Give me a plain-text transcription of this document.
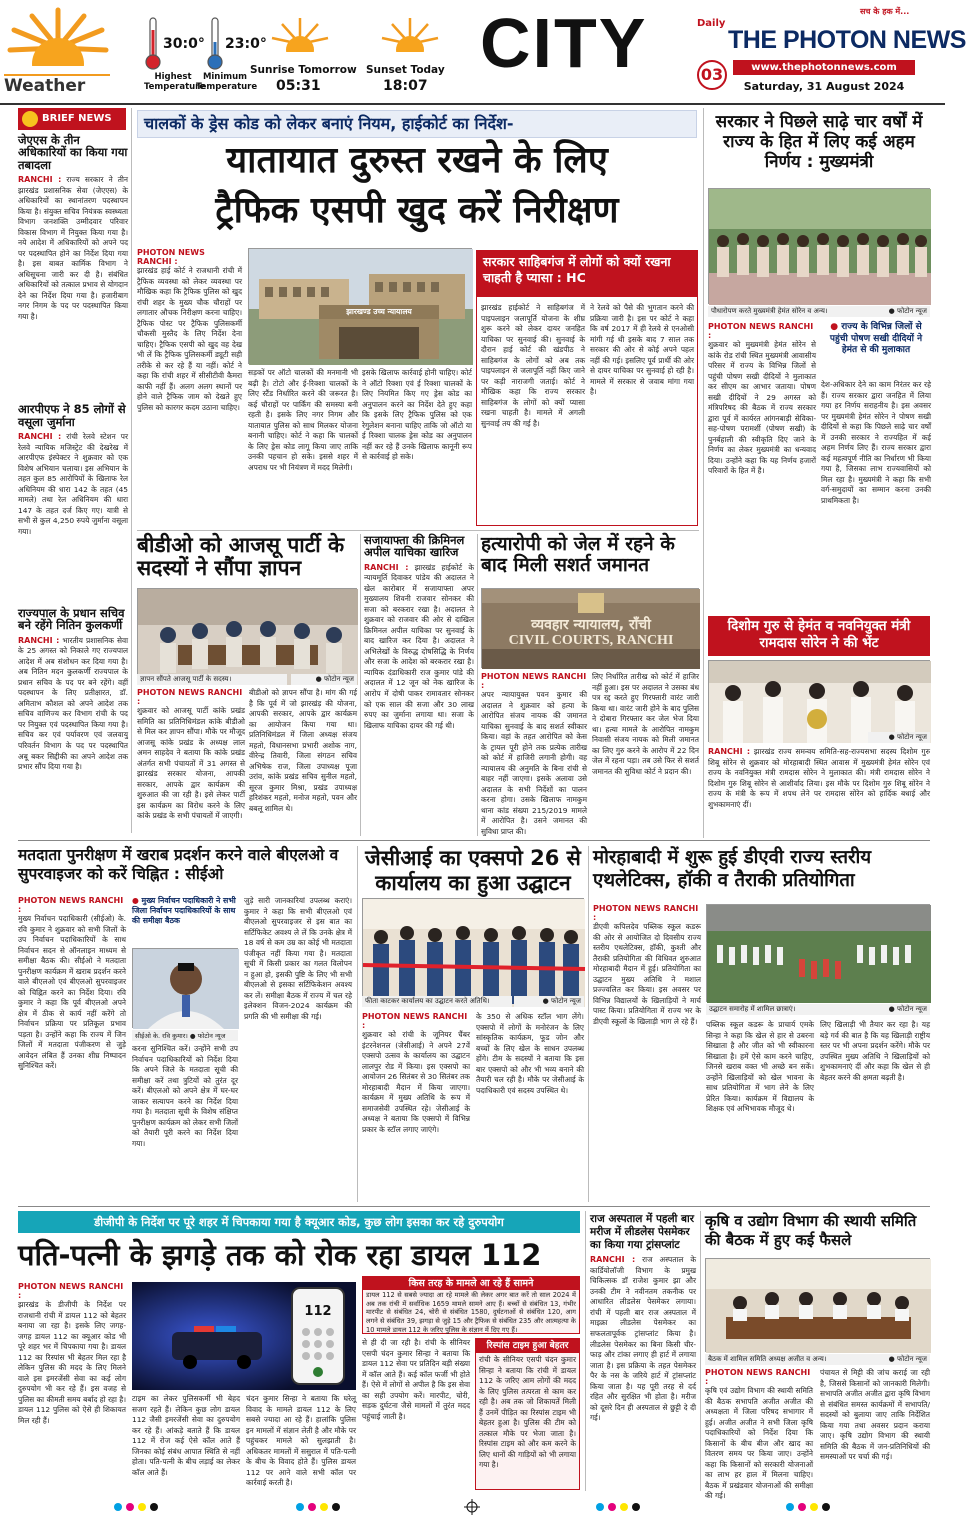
Weather
30:0°
Highest Temperature
23:0°
Minimum Temperature
Sunrise Tomorrow
05:31
Sunset Today
18:07
CITY	सच के हक में...
Daily
THE PHOTON NEWS
03	www.thephotonnews.com
Saturday, 31 August 2024
BRIEF NEWS
जेएएस के तीन अधिकारियों का किया गया तबादला
RANCHI : राज्य सरकार ने तीन झारखंड प्रशासनिक सेवा (जेएएस) के अधिकारियों का स्थानांतरण पदस्थापन किया है। संयुक्त सचिव नियंत्रक स्वस्थ्यता विभाग जनशक्ति उम्मीदवार परिवार विकास विभाग में नियुक्त किया गया है। नये आदेश में अधिकारियों को अपने पद पर पदस्थापित होने का निर्देश दिया गया है। इस बाबत कार्मिक विभाग ने अधिसूचना जारी कर दी है। संबंधित अधिकारियों को तत्काल प्रभाव से योगदान देने का निर्देश दिया गया है। हजारीबाग नगर निगम के पद पर पदस्थापित किया गया है।
आरपीएफ ने 85 लोगों से वसूला जुर्माना
RANCHI : रांची रेलवे स्टेशन पर रेलवे न्यायिक मजिस्ट्रेट की देखरेख में आरपीएफ इंस्पेक्टर ने शुक्रवार को एक विशेष अभियान चलाया। इस अभियान के तहत कुल 85 आरोपियों के खिलाफ रेल अधिनियम की धारा 142 के तहत (45 मामले) तथा रेल अधिनियम की धारा 147 के तहत दर्ज किए गए। यात्री से सभी से कुल 4,250 रुपये जुर्माना वसूला गया।
राज्यपाल के प्रधान सचिव बने रहेंगे नितिन कुलकर्णी
RANCHI : भारतीय प्रशासनिक सेवा के 25 अगस्त को निकाले गए राज्यपाल आदेश में अब संशोधन कर दिया गया है। अब नितिन मदन कुलकर्णी राज्यपाल के प्रधान सचिव के पद पर बने रहेंगे। वहीं पदस्थापन के लिए प्रतीक्षारत, डॉ. अमिताभ कौशल को अपने आदेश तक सचिव वाणिज्य कर विभाग रांची के पद पर नियुक्त एवं पदस्थापित किया गया है। सचिव कर एवं पर्यावरण एवं जलवायु परिवर्तन विभाग के पद पर पदस्थापित अबू बकर सिद्दीकी का अपने आदेश तक प्रभार सौंप दिया गया है।
चालकों के ड्रेस कोड को लेकर बनाएं नियम, हाईकोर्ट का निर्देश-
यातायात दुरुस्त रखने के लिए
ट्रैफिक एसपी खुद करें निरीक्षण
PHOTON NEWS RANCHI :
झारखंड हाई कोर्ट ने राजधानी रांची में ट्रैफिक व्यवस्था को लेकर व्यवस्था पर मौखिक कहा कि ट्रैफिक पुलिस को खुद रांची शहर के मुख्य चौक चौराहों पर लगातार औचक निरीक्षण करना चाहिए। ट्रैफिक पोस्ट पर ट्रैफिक पुलिसकर्मी चौकसी मुस्तैद के लिए निर्देश देना चाहिए। ट्रैफिक एसपी को खुद वह देख भी लें कि ट्रैफिक पुलिसकर्मी ड्यूटी सही तरीके से कर रहे हैं या नहीं। कोर्ट ने कहा कि रांची शहर में सीसीटीवी कैमरा काफी नहीं हैं। अलग अलग स्थानों पर होने वाले ट्रैफिक जाम को देखते हुए पुलिस को कारगर कदम उठाना चाहिए।
झारखण्ड उच्च न्यायालय
सड़कों पर ऑटो चालकों की मनमानी भी बढ़ी है। टोटो और ई-रिक्शा चालकों के लिए स्टैंड निर्धारित करने की जरूरत है। कई चौराहों पर पार्किंग की समस्या बनी रहती है। इसके लिए नगर निगम और यातायात पुलिस को साथ मिलकर योजना बनानी चाहिए। कोर्ट ने कहा कि चालकों के लिए ड्रेस कोड लागू किया जाए ताकि उनकी पहचान हो सके। इससे शहर में अपराध पर भी नियंत्रण में मदद मिलेगी।
इसके खिलाफ कार्रवाई होनी चाहिए। कोर्ट ने ऑटो रिक्शा एवं ई रिक्शा चालकों के लिए नियमित किए गए ड्रेस कोड का अनुपालन करने का निर्देश देते हुए कहा कि इसके लिए ट्रैफिक पुलिस को एक रेगुलेशन बनाना चाहिए ताकि जो ऑटो या ई रिक्शा चालक ड्रेस कोड का अनुपालन नहीं कर रहे हैं उनके खिलाफ कानूनी रूप से कार्रवाई हो सके।
सरकार साहिबगंज में लोगों को क्यों रखना चाहती है प्यासा : HC
झारखंड हाईकोर्ट ने साहिबगंज में पाइपलाइन जलापूर्ति योजना के शीघ्र शुरू करने को लेकर दायर जनहित याचिका पर सुनवाई की। सुनवाई के दौरान हाई कोर्ट की खंडपीठ ने साहिबगंज के लोगों को अब तक पाइपलाइन से जलापूर्ति नहीं किए जाने पर कड़ी नाराजगी जताई। कोर्ट ने मौखिक कहा कि राज्य सरकार साहिबगंज के लोगों को क्यों प्यासा रखना चाहती है। मामले में अगली सुनवाई तय की गई है।
ने रेलवे को पैसे की भुगतान करने की प्रक्रिया जारी है। इस पर कोर्ट ने कहा कि वर्ष 2017 में ही रेलवे से एनओसी मांगी गई थी इसके बाद 7 साल तक सरकार की ओर से कोई अपने पहल नहीं की गई। इसलिए पूर्व प्रार्थी की ओर से दायर याचिका पर सुनवाई हो रही है। मामले में सरकार से जवाब मांगा गया है।
बीडीओ को आजसू पार्टी के सदस्यों ने सौंपा ज्ञापन
ज्ञापन सौंपते आजसू पार्टी के सदस्य।	● फोटोन न्यूज
PHOTON NEWS RANCHI :
शुक्रवार को आजसू पार्टी कांके प्रखंड समिति का प्रतिनिधिमंडल कांके बीडीओ से मिल कर ज्ञापन सौंपा। मौके पर मौजूद आजसू कांके प्रखंड के अध्यक्ष लाल अमन साहदेव ने बताया कि कांके प्रखंड अंतर्गत सभी पंचायतों में 31 अगस्त से झारखंड सरकार योजना, आपकी सरकार, आपके द्वार कार्यक्रम की शुरुआत की जा रही है। इसे लेकर पार्टी इस कार्यक्रम का विरोध करने के लिए कांके प्रखंड के सभी पंचायतों में जाएगी।
बीडीओ को ज्ञापन सौंपा है। मांग की गई है कि पूर्व में जो झारखंड़ की योजना, आपकी सरकार, आपके द्वार कार्यक्रम का आयोजन किया गया था। प्रतिनिधिमंडल में जिला अध्यक्ष संजय महतो, विधानसभा प्रभारी अशोक नाग, वीरेन्द्र तिवारी, जिला संगठन सचिव अभिषेक राज, जिला उपाध्यक्ष पूजा उरांव, कांके प्रखंड सचिव सुनील महतो, सूरज कुमार मिश्रा, प्रखंड उपाध्यक्ष हरिशंकर महतो, मनोज महतो, पवन और बबलू शामिल थे।
सजायाफ्ता की क्रिमिनल अपील याचिका खारिज
RANCHI : झारखंड हाईकोर्ट के न्यायमूर्ति दिवाकर पांडेय की अदालत ने खेल कारोबार में सजायाफ्ता अपर मुख्यालय शिवनी राजवार सोनकर की सजा को बरकरार रखा है। अदालत ने शुक्रवार को राजवार की ओर से दाखिल क्रिमिनल अपील याचिका पर सुनवाई के बाद खारिज कर दिया है। अदालत ने अभिलेखों के विरुद्ध दोषसिद्धि के निर्णय और सजा के आदेश को बरकरार रखा है। न्यायिक दंडाधिकारी राज कुमार पांडे की अदालत में 12 जून को नेक खारिज के आरोप में दोषी पाकर रामावतार सोनकर को एक साल की सजा और 30 लाख रुपए का जुर्माना लगाया था। सजा के खिलाफ याचिका दायर की गई थी।
हत्यारोपी को जेल में रहने के बाद मिली सशर्त जमानत
व्यवहार न्यायालय, राँची
CIVIL COURTS, RANCHI
PHOTON NEWS RANCHI :
अपर न्यायायुक्त पवन कुमार की अदालत ने शुक्रवार को हत्या के आरोपित संजय नायक की जमानत याचिका सुनवाई के बाद सशर्त स्वीकार किया। वहां के तहत आरोपित को केस के ट्रायल पूरी होने तक प्रत्येक तारीख को कोर्ट में हाजिरी लगानी होगी। वह न्यायालय की अनुमति के बिना रांची से बाहर नहीं जाएगा। इसके अलावा उसे अदालत के सभी निर्देशों का पालन करना होगा। उसके खिलाफ नामकुम थाना कांड संख्या 215/2019 मामले में आरोपित है। उसने जमानत की सुविधा प्राप्त की।
लिए निर्धारित तारीख को कोर्ट में हाजिर नहीं हुआ। इस पर अदालत ने उसका बंध पत्र रद्द करते हुए गिरफ्तारी वारंट जारी किया था। वारंट जारी होने के बाद पुलिस ने दोबारा गिरफ्तार कर जेल भेज दिया था। हत्या मामले के आरोपित नामकुम निवासी संजय नायक को मिली जमानत का लिए गुरु करने के आरोप में 22 दिन जेल में रहना पड़ा। तब उसे फिर से सशर्त जमानत की सुविधा कोर्ट ने प्रदान की।
सरकार ने पिछले साढ़े चार वर्षों में राज्य के हित में लिए कई अहम निर्णय : मुख्यमंत्री
पौधारोपण करते मुख्यमंत्री हेमंत सोरेन व अन्य।	● फोटोन न्यूज
PHOTON NEWS RANCHI :
शुक्रवार को मुख्यमंत्री हेमंत सोरेन से कांके रोड रांची स्थित मुख्यमंत्री आवासीय परिसर में राज्य के विभिन्न जिलों से पहुंची पोषण सखी दीदियों ने मुलाकात कर सीएम का आभार जताया। पोषण सखी दीदियों ने 29 अगस्त को मंत्रिपरिषद की बैठक में राज्य सरकार द्वारा पूर्व में कार्यरत आंगनबाड़ी सेविका-सह-पोषण परामर्शी (पोषण सखी) के पुनर्बहाली की स्वीकृति दिए जाने के निर्णय का लेकर मुख्यमंत्री का धन्यवाद दिया। उन्होंने कहा कि यह निर्णय हजारों परिवारों के हित में है।
● राज्य के विभिन्न जिलों से पहुंची पोषण सखी दीदियों ने हेमंत से की मुलाकात
देश-अधिकार देने का काम निरंतर कर रहे हैं। राज्य सरकार द्वारा जनहित में लिया गया हर निर्णय सराहनीय है। इस अवसर पर मुख्यमंत्री हेमंत सोरेन ने पोषण सखी दीदियों से कहा कि पिछले साढ़े चार वर्षों में उनकी सरकार ने राज्यहित में कई अहम निर्णय लिए हैं। राज्य सरकार द्वारा कई महत्वपूर्ण नीति का निर्धारण भी किया गया है, जिसका लाभ राज्यवासियों को मिल रहा है। मुख्यमंत्री ने कहा कि सभी वर्ग-समुदायों का सम्मान करना उनकी प्राथमिकता है।
दिशोम गुरु से हेमंत व नवनियुक्त मंत्री रामदास सोरेन ने की भेंट
● फोटोन न्यूज
RANCHI : झारखंड राज्य समन्वय समिति-सह-राज्यसभा सदस्य दिशोम गुरु शिबू सोरेन से शुक्रवार को मोरहाबादी स्थित आवास में मुख्यमंत्री हेमंत सोरेन एवं राज्य के नवनियुक्त मंत्री रामदास सोरेन ने मुलाकात की। मंत्री रामदास सोरेन ने दिशोम गुरु शिबू सोरेन से आशीर्वाद लिया। इस मौके पर दिशोम गुरु शिबू सोरेन ने राज्य के मंत्री के रूप में शपथ लेने पर रामदास सोरेन को हार्दिक बधाई और शुभकामनाएं दीं।
मतदाता पुनरीक्षण में खराब प्रदर्शन करने वाले बीएलओ व सुपरवाइजर को करें चिह्नित : सीईओ
PHOTON NEWS RANCHI :
मुख्य निर्वाचन पदाधिकारी (सीईओ) के. रवि कुमार ने शुक्रवार को सभी जिलों के उप निर्वाचन पदाधिकारियों के साथ निर्वाचन सदन से ऑनलाइन माध्यम से समीक्षा बैठक की। सीईओ ने मतदाता पुनरीक्षण कार्यक्रम में खराब प्रदर्शन करने वाले बीएलओ एवं बीएलओ सुपरवाइजर को चिह्नित करने का निर्देश दिया। रवि कुमार ने कहा कि पूर्व बीएलओ अपने क्षेत्र में ठीक से कार्य नहीं करेंगे तो निर्वाचन प्रक्रिया पर प्रतिकूल प्रभाव पड़ता है। उन्होंने कहा कि राज्य में जिन जिलों में मतदाता पंजीकरण से जुड़े आवेदन लंबित हैं उनका शीघ्र निष्पादन सुनिश्चित करें।
● मुख्य निर्वाचन पदाधिकारी ने सभी जिला निर्वाचन पदाधिकारियों के साथ की समीक्षा बैठक
सीईओ के. रवि कुमार। ● फोटोन न्यूज
करना सुनिश्चित करें। उन्होंने सभी उप निर्वाचन पदाधिकारियों को निर्देश दिया कि अपने जिले के मतदाता सूची की समीक्षा करें तथा त्रुटियों को तुरंत दूर करें। बीएलओ को अपने क्षेत्र में घर-घर जाकर सत्यापन करने का निर्देश दिया गया है। मतदाता सूची के विशेष संक्षिप्त पुनरीक्षण कार्यक्रम को लेकर सभी जिलों को तैयारी पूरी करने का निर्देश दिया गया।
जुड़े सारी जानकारियां उपलब्ध कराएं। कुमार ने कहा कि सभी बीएलओ एवं बीएलओ सुपरवाइजर से इस बात का सर्टिफिकेट अवश्य ले लें कि उनके क्षेत्र में 18 वर्ष से कम उम्र का कोई भी मतदाता पंजीकृत नहीं किया गया है। मतदाता सूची में किसी प्रकार का गलत विलोपन न हुआ हो, इसकी पुष्टि के लिए भी सभी बीएलओ से इसका सर्टिफिकेशन अवश्य कर लें। समीक्षा बैठक में राज्य में चल रहे इलेक्शन विजन-2024 कार्यक्रम की प्रगति की भी समीक्षा की गई।
जेसीआई का एक्सपो 26 से कार्यालय का हुआ उद्घाटन
फीता काटकर कार्यालय का उद्घाटन करते अतिथि।	● फोटोन न्यूज
PHOTON NEWS RANCHI :
शुक्रवार को रांची के जूनियर चैंबर इंटरनेशनल (जेसीआई) ने अपने 27वें एक्सपो उत्सव के कार्यालय का उद्घाटन लालपुर रोड में किया। इस एक्सपो का आयोजन 26 सितंबर से 30 सितंबर तक मोरहाबादी मैदान में किया जाएगा। कार्यक्रम में मुख्य अतिथि के रूप में समाजसेवी उपस्थित रहे। जेसीआई के अध्यक्ष ने बताया कि एक्सपो में विभिन्न प्रकार के स्टॉल लगाए जाएंगे।
के 350 से अधिक स्टॉल भाग लेंगे। एक्सपो में लोगों के मनोरंजन के लिए सांस्कृतिक कार्यक्रम, फूड जोन और बच्चों के लिए खेल के साधन उपलब्ध होंगे। टीम के सदस्यों ने बताया कि इस बार एक्सपो को और भी भव्य बनाने की तैयारी चल रही है। मौके पर जेसीआई के पदाधिकारी एवं सदस्य उपस्थित थे।
मोरहाबादी में शुरू हुई डीएवी राज्य स्तरीय एथलेटिक्स, हॉकी व तैराकी प्रतियोगिता
PHOTON NEWS RANCHI :
डीएवी कपिलदेव पब्लिक स्कूल कडरू की ओर से आयोजित दो दिवसीय राज्य स्तरीय एथलेटिक्स, हॉकी, कुश्ती और तैराकी प्रतियोगिता की विधिवत शुरुआत मोरहाबादी मैदान में हुई। प्रतियोगिता का उद्घाटन मुख्य अतिथि ने मशाल प्रज्ज्वलित कर किया। इस अवसर पर विभिन्न विद्यालयों के खिलाड़ियों ने मार्च पास्ट किया। प्रतियोगिता में राज्य भर के डीएवी स्कूलों के खिलाड़ी भाग ले रहे हैं।
उद्घाटन समारोह में शामिल छात्राएं।	● फोटोन न्यूज
पब्लिक स्कूल कडरू के प्राचार्य एमके सिन्हा ने कहा कि खेल से हार से उबरना सिखाता है और जीत को भी स्वीकारना सिखाता है। हमें ऐसे काम करने चाहिए, जिनसे खराब वक्त भी अच्छे बन सकें। उन्होंने खिलाड़ियों को खेल भावना के साथ प्रतियोगिता में भाग लेने के लिए प्रेरित किया। कार्यक्रम में विद्यालय के शिक्षक एवं अभिभावक मौजूद थे।
लिए खिलाड़ी भी तैयार कर रहा है। यह बड़े गर्व की बात है कि यह खिलाड़ी राष्ट्रीय स्तर पर भी अपना प्रदर्शन करेंगे। मौके पर उपस्थित मुख्य अतिथि ने खिलाड़ियों को शुभकामनाएं दीं और कहा कि खेल से ही बेहतर करने की क्षमता बढ़ती है।
डीजीपी के निर्देश पर पूरे शहर में चिपकाया गया है क्यूआर कोड, कुछ लोग इसका कर रहे दुरुपयोग
पति-पत्नी के झगड़े तक को रोक रहा डायल 112
PHOTON NEWS RANCHI :
झारखंड के डीजीपी के निर्देश पर राजधानी रांची में डायल 112 को बेहतर बनाया जा रहा है। इसके लिए जगह-जगह डायल 112 का क्यूआर कोड भी पूरे शहर भर में चिपकाया गया है। डायल 112 का रिस्पांस भी बेहतर मिल रहा है लेकिन पुलिस की मदद के लिए मिलने वाले इस इमरजेंसी सेवा का कई लोग दुरुपयोग भी कर रहे हैं। इस वजह से पुलिस का कीमती समय बर्बाद हो रहा है। डायल 112 पुलिस को ऐसे ही शिकायत मिल रही हैं।
112
टाइम का लेकर पुलिसकर्मी भी बेहद सजग रहते हैं। लेकिन कुछ लोग डायल 112 जैसी इमरजेंसी सेवा का दुरुपयोग कर रहे हैं। आंकड़े बताते हैं कि डायल 112 में रोज कई ऐसे कॉल आते हैं जिनका कोई संबंध आपात स्थिति से नहीं होता। पति-पत्नी के बीच लड़ाई का लेकर कॉल आते हैं।
चंदन कुमार सिन्हा ने बताया कि घरेलू विवाद के मामले डायल 112 के लिए सबसे ज्यादा आ रहे हैं। हालांकि पुलिस इन मामलों में संज्ञान लेती है और मौके पर पहुंचकर मामले को सुलझाती है। अधिकतर मामलों में ससुराल में पति-पत्नी के बीच के विवाद होते हैं। पुलिस डायल 112 पर आने वाले सभी कॉल पर कार्रवाई करती है।
किस तरह के मामले आ रहे हैं सामने
डायल 112 से सबसे ज्यादा आ रहे मामले की लेकर अगर बात करें तो साल 2024 में अब तक रांची में सर्वाधिक 1659 मामले सामने आए हैं। बच्चों से संबंधित 13, गंभीर मारपीट से संबंधित 24, चोरी से संबंधित 1580, दुर्घटनाओं से संबंधित 120, आग लगने से संबंधित 39, झगड़ा से जुड़े 15 और ट्रैफिक से संबंधित 235 और आत्महत्या के 10 मामले डायल 112 के जरिए पुलिस के संज्ञान में दिए गए हैं।
से ही दी जा रही है। रांची के सीनियर एसपी चंदन कुमार सिन्हा ने बताया कि डायल 112 सेवा पर प्रतिदिन बड़ी संख्या में कॉल आते हैं। कई कॉल फर्जी भी होते हैं। ऐसे में लोगों से अपील है कि इस सेवा का सही उपयोग करें। मारपीट, चोरी, सड़क दुर्घटना जैसे मामलों में तुरंत मदद पहुंचाई जाती है।
रिस्पांस टाइम हुआ बेहतर
रांची के सीनियर एसपी चंदन कुमार सिन्हा ने बताया कि रांची में डायल 112 के जरिए आम लोगों की मदद के लिए पुलिस तत्परता से काम कर रही है। अब तक जो शिकायतें मिली हैं उनमें पीड़ित का रिस्पांस टाइम भी बेहतर हुआ है। पुलिस की टीम को तत्काल मौके पर भेजा जाता है। रिस्पांस टाइम को और कम करने के लिए थानों की गाड़ियों को भी लगाया गया है।
राज अस्पताल में पहली बार मरीज में लीडलेस पेसमेकर का किया गया ट्रांसप्लांट
RANCHI : राज अस्पताल के कार्डियोलॉजी विभाग के प्रमुख चिकित्सक डॉ राजेश कुमार झा और उनकी टीम ने नवीनतम तकनीक पर आधारित लीडलेस पेसमेकर लगाया। रांची में पहली बार राज अस्पताल में माइक्रा लीडलेस पेसमेकर का सफलतापूर्वक ट्रांसप्लांट किया है। लीडलेस पेसमेकर का बिना किसी चीर-फाड़ और टांका लगाए ही हार्ट में लगाया जाता है। इस प्रक्रिया के तहत पेसमेकर पैर के नस के जरिये हार्ट में ट्रांसप्लांट किया जाता है। यह पूरी तरह से दर्द रहित और सुरक्षित भी होता है। मरीज को दूसरे दिन ही अस्पताल से छुट्टी दे दी गई।
कृषि व उद्योग विभाग की स्थायी समिति की बैठक में हुए कई फैसले
बैठक में शामिल समिति अध्यक्ष अजीत व अन्य।	● फोटोन न्यूज
PHOTON NEWS RANCHI :
कृषि एवं उद्योग विभाग की स्थायी समिति की बैठक सभापति अजीत अजीत की अध्यक्षता में जिला परिषद सभागार में हुई। अजीत अजीत ने सभी जिला कृषि पदाधिकारियों को निर्देश दिया कि किसानों के बीच बीज और खाद का वितरण समय पर किया जाए। उन्होंने कहा कि किसानों को सरकारी योजनाओं का लाभ हर हाल में मिलना चाहिए। बैठक में प्रखंडवार योजनाओं की समीक्षा की गई।
पंचायत से मिट्टी की जांच कराई जा रही है, जिससे किसानों को जानकारी मिलेगी। सभापति अजीत अजीत द्वारा कृषि विभाग से संबंधित समस्त कार्यक्रमों में सभापति/सदस्यों को बुलाया जाए ताकि निर्देशित किया गया तथा अवसर प्रदान कराया जाए। कृषि उद्योग विभाग की स्थायी समिति की बैठक में जन-प्रतिनिधियों की समस्याओं पर चर्चा की गई।
